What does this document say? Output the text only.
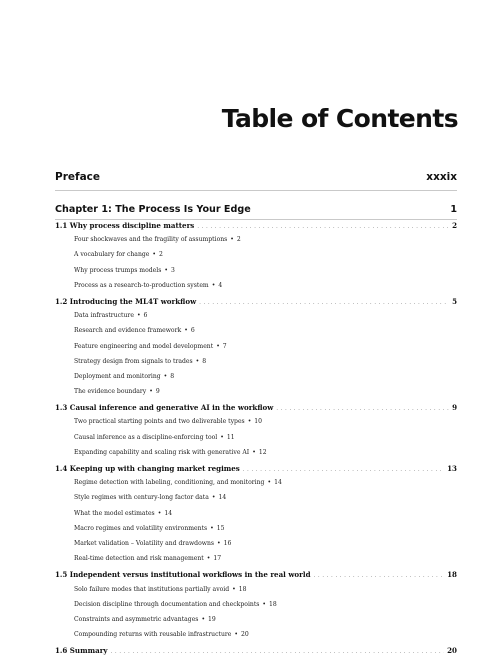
Table of Contents
Preface	xxxix
Chapter 1: The Process Is Your Edge	1
1.1 Why process discipline matters . . .	2
Four shockwaves and the fragility of assumptions • 2
A vocabulary for change • 2
Why process trumps models • 3
Process as a research-to-production system • 4
1.2 Introducing the ML4T workflow . . .	5
Data infrastructure • 6
Research and evidence framework • 6
Feature engineering and model development • 7
Strategy design from signals to trades • 8
Deployment and monitoring • 8
The evidence boundary • 9
1.3 Causal inference and generative AI in the workflow . . .	9
Two practical starting points and two deliverable types • 10
Causal inference as a discipline-enforcing tool • 11
Expanding capability and scaling risk with generative AI • 12
1.4 Keeping up with changing market regimes . . .	13
Regime detection with labeling, conditioning, and monitoring • 14
Style regimes with century-long factor data • 14
What the model estimates • 14
Macro regimes and volatility environments • 15
Market validation – Volatility and drawdowns • 16
Real-time detection and risk management • 17
1.5 Independent versus institutional workflows in the real world . . .	18
Solo failure modes that institutions partially avoid • 18
Decision discipline through documentation and checkpoints • 18
Constraints and asymmetric advantages • 19
Compounding returns with reusable infrastructure • 20
1.6 Summary . . .	20
